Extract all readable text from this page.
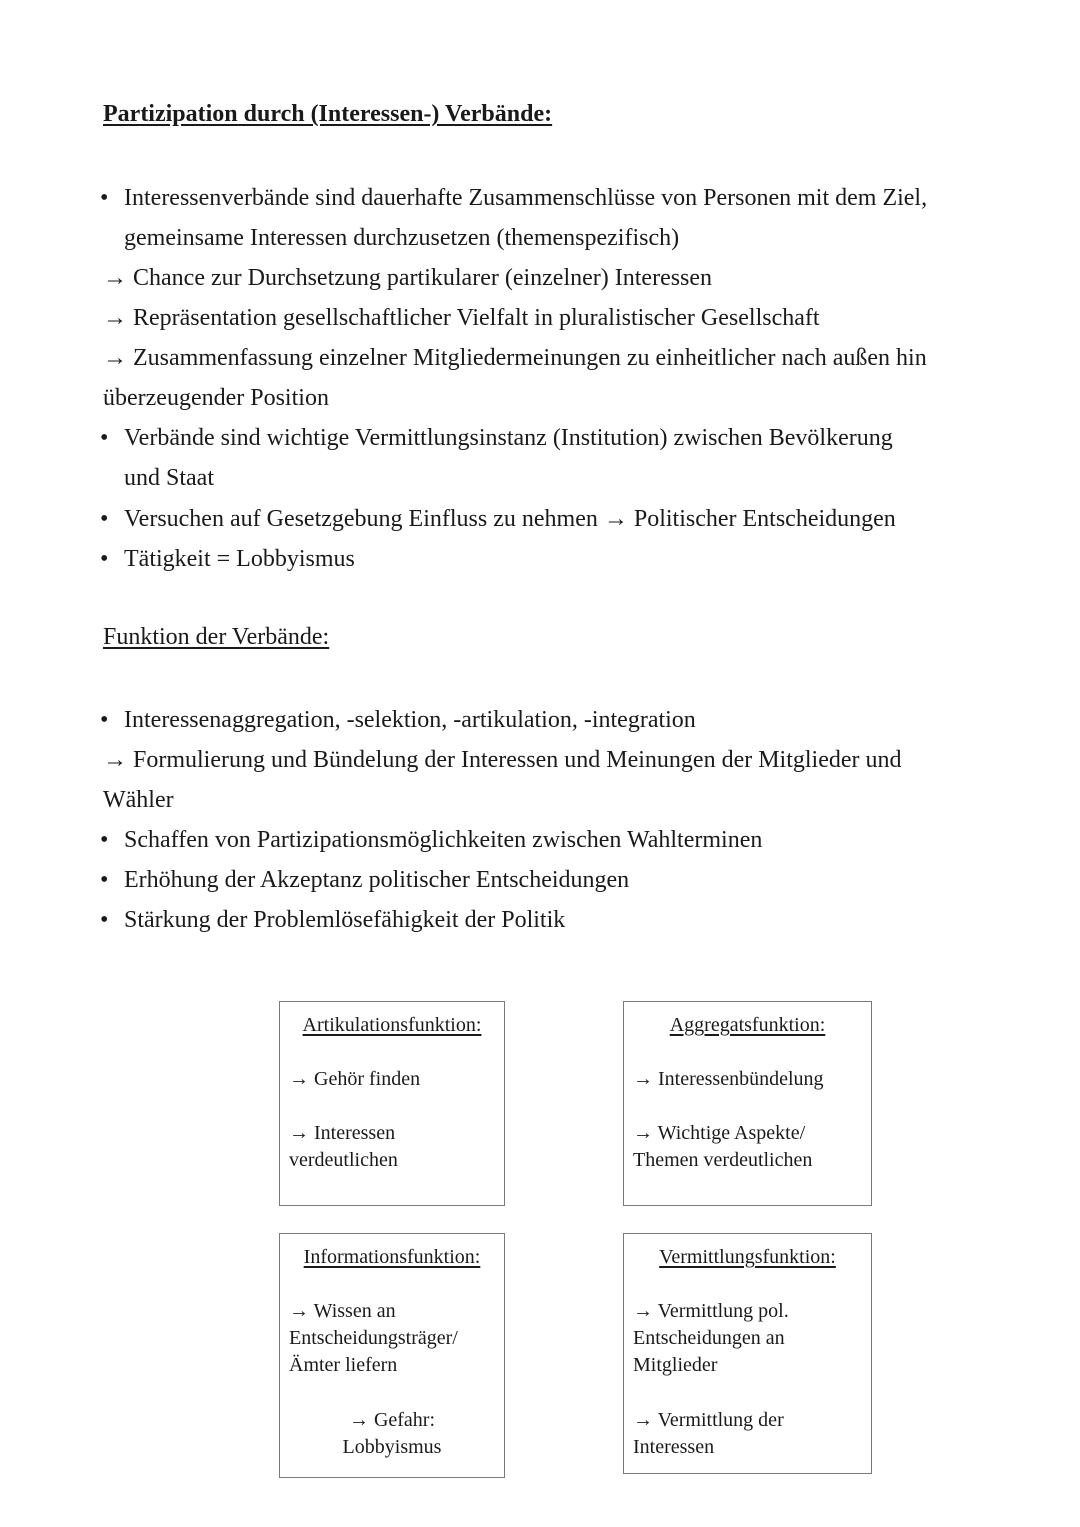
Partizipation durch (Interessen-) Verbände:
• Interessenverbände sind dauerhafte Zusammenschlüsse von Personen mit dem Ziel,
gemeinsame Interessen durchzusetzen (themenspezifisch)
→ Chance zur Durchsetzung partikularer (einzelner) Interessen
→ Repräsentation gesellschaftlicher Vielfalt in pluralistischer Gesellschaft
→ Zusammenfassung einzelner Mitgliedermeinungen zu einheitlicher nach außen hin
überzeugender Position
• Verbände sind wichtige Vermittlungsinstanz (Institution) zwischen Bevölkerung
und Staat
• Versuchen auf Gesetzgebung Einfluss zu nehmen → Politischer Entscheidungen
• Tätigkeit = Lobbyismus
Funktion der Verbände:
• Interessenaggregation, -selektion, -artikulation, -integration
→ Formulierung und Bündelung der Interessen und Meinungen der Mitglieder und
Wähler
• Schaffen von Partizipationsmöglichkeiten zwischen Wahlterminen
• Erhöhung der Akzeptanz politischer Entscheidungen
• Stärkung der Problemlösefähigkeit der Politik
Artikulationsfunktion:
→ Gehör finden
→ Interessen
verdeutlichen
Aggregatsfunktion:
→ Interessenbündelung
→ Wichtige Aspekte/
Themen verdeutlichen
Informationsfunktion:
→ Wissen an
Entscheidungsträger/
Ämter liefern
→ Gefahr:
Lobbyismus
Vermittlungsfunktion:
→ Vermittlung pol.
Entscheidungen an
Mitglieder
→ Vermittlung der
Interessen
